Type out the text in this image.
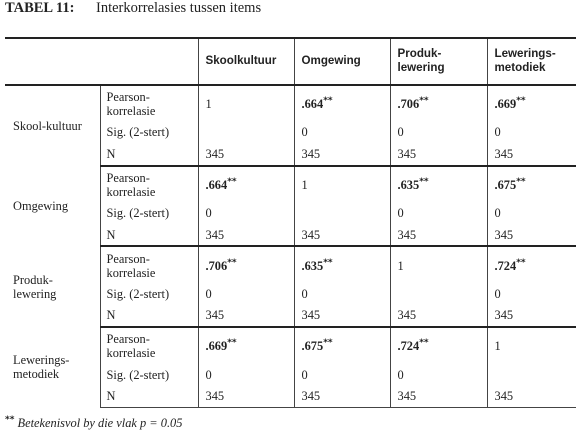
TABEL 11: Interkorrelasies tussen items
		Skoolkultuur	Omgewing	Produk-
lewering	Lewerings-
metodiek
Skool-kultuur	Pearson-
korrelasie	1	.664**	.706**	.669**
	Sig. (2-stert)		0	0	0
	N	345	345	345	345
Omgewing	Pearson-
korrelasie	.664**	1	.635**	.675**
	Sig. (2-stert)	0		0	0
	N	345	345	345	345
Produk-
lewering	Pearson-
korrelasie	.706**	.635**	1	.724**
	Sig. (2-stert)	0	0		0
	N	345	345	345	345
Lewerings-
metodiek	Pearson-
korrelasie	.669**	.675**	.724**	1
	Sig. (2-stert)	0	0	0	
	N	345	345	345	345
** Betekenisvol by die vlak p = 0.05
